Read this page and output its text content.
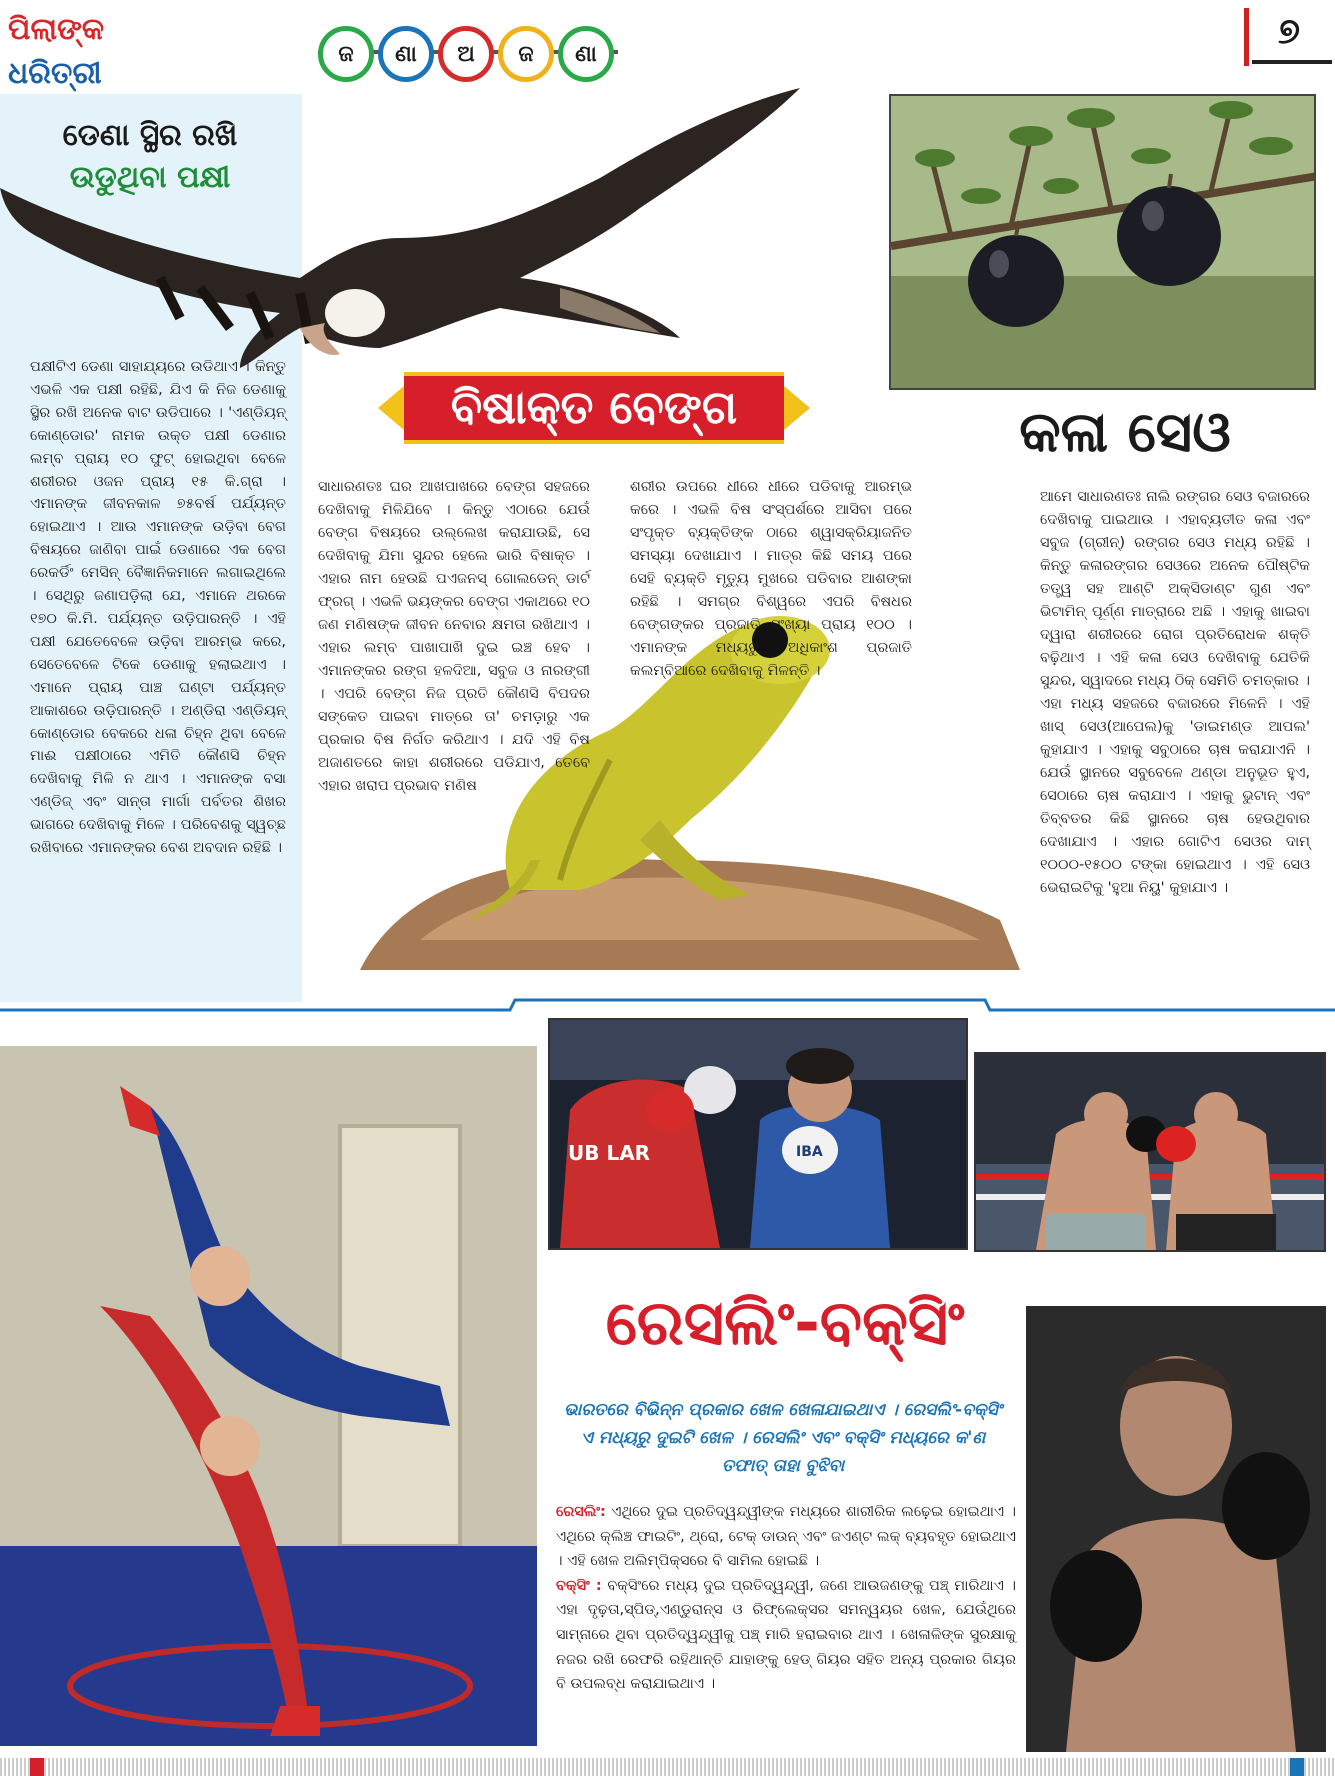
ପିଲାଙ୍କ ଧରିତ୍ରୀ
ଜ	ଣା	ଅ	ଜ	ଣା
୭
ଡେଣା ସ୍ଥିର ରଖି
ଉଡୁଥିବା ପକ୍ଷୀ
ପକ୍ଷୀଟିଏ ଡେଣା ସାହାଯ୍ୟରେ ଉଡିଥାଏ । କିନ୍ତୁ ଏଭଳି ଏକ ପକ୍ଷୀ ରହିଛି, ଯିଏ କି ନିଜ ଡେଣାକୁ ସ୍ଥିର ରଖି ଅନେକ ବାଟ ଉଡିପାରେ । 'ଏଣ୍ଡିୟନ୍ କୋଣ୍ଡୋର' ନାମକ ଉକ୍ତ ପକ୍ଷୀ ଡେଣାର ଲମ୍ବ ପ୍ରାୟ ୧୦ ଫୁଟ୍ ହୋଇଥିବା ବେଳେ ଶରୀରର ଓଜନ ପ୍ରାୟ ୧୫ କି.ଗ୍ରା । ଏମାନଙ୍କ ଜୀବନକାଳ ୭୫ବର୍ଷ ପର୍ଯ୍ୟନ୍ତ ହୋଇଥାଏ । ଆଉ ଏମାନଙ୍କ ଉଡ଼ିବା ବେଗ ବିଷୟରେ ଜାଣିବା ପାଇଁ ଡେଣାରେ ଏକ ବେଗ ରେକର୍ଡିଂ ମେସିନ୍ ବୈଜ୍ଞାନିକମାନେ ଲଗାଇଥିଲେ । ସେଥିରୁ ଜଣାପଡ଼ିଲା ଯେ, ଏମାନେ ଥରକେ ୧୭୦ କି.ମି. ପର୍ଯ୍ୟନ୍ତ ଉଡ଼ିପାରନ୍ତି । ଏହି ପକ୍ଷୀ ଯେତେବେଳେ ଉଡ଼ିବା ଆରମ୍ଭ କରେ, ସେତେବେଳେ ଟିକେ ଡେଣାକୁ ହଲାଇଥାଏ । ଏମାନେ ପ୍ରାୟ ପାଞ୍ଚ ଘଣ୍ଟା ପର୍ଯ୍ୟନ୍ତ ଆକାଶରେ ଉଡ଼ିପାରନ୍ତି । ଅଣ୍ଡିରା ଏଣ୍ଡିୟନ୍ କୋଣ୍ଡୋର ବେକରେ ଧଳା ଚିହ୍ନ ଥିବା ବେଳେ ମାଈ ପକ୍ଷୀଠାରେ ଏମିତି କୌଣସି ଚିହ୍ନ ଦେଖିବାକୁ ମିଳି ନ ଥାଏ । ଏମାନଙ୍କ ବସା ଏଣ୍ଡିଜ୍ ଏବଂ ସାନ୍ତା ମାର୍ଗା ପର୍ବତର ଶିଖର ଭାଗରେ ଦେଖିବାକୁ ମିଳେ । ପରିବେଶକୁ ସ୍ୱଚ୍ଛ ରଖିବାରେ ଏମାନଙ୍କର ବେଶ ଅବଦାନ ରହିଛି ।
ବିଷାକ୍ତ ବେଙ୍ଗ
ସାଧାରଣତଃ ଘର ଆଖପାଖରେ ବେଙ୍ଗ ସହଜରେ ଦେଖିବାକୁ ମିଳିଯିବେ । କିନ୍ତୁ ଏଠାରେ ଯେଉଁ ବେଙ୍ଗ ବିଷୟରେ ଉଲ୍ଲେଖ କରାଯାଉଛି, ସେ ଦେଖିବାକୁ ଯିମା ସୁନ୍ଦର ହେଲେ ଭାରି ବିଷାକ୍ତ । ଏହାର ନାମ ହେଉଛି ପଏଜନସ୍ ଗୋଲଡେନ୍ ଡାର୍ଟ ଫ୍ରଗ୍ । ଏଭଳି ଭୟଙ୍କର ବେଙ୍ଗ ଏକାଥରେ ୧୦ ଜଣ ମଣିଷଙ୍କ ଜୀବନ ନେବାର କ୍ଷମତା ରଖିଥାଏ । ଏହାର ଲମ୍ବ ପାଖାପାଖି ଦୁଇ ଇଞ୍ଚ ହେବ । ଏମାନଙ୍କର ରଙ୍ଗ ହଳଦିଆ, ସବୁଜ ଓ ନାରଙ୍ଗୀ । ଏପରି ବେଙ୍ଗ ନିଜ ପ୍ରତି କୌଣସି ବିପଦର ସଙ୍କେତ ପାଇବା ମାତ୍ରେ ତା' ଚମଡ଼ାରୁ ଏକ ପ୍ରକାର ବିଷ ନିର୍ଗତ କରିଥାଏ । ଯଦି ଏହି ବିଷ ଅଜାଣତରେ କାହା ଶରୀରରେ ପଡିଯାଏ, ତେବେ ଏହାର ଖରାପ ପ୍ରଭାବ ମଣିଷ
ଶରୀର ଉପରେ ଧୀରେ ଧୀରେ ପଡିବାକୁ ଆରମ୍ଭ କରେ । ଏଭଳି ବିଷ ସଂସ୍ପର୍ଶରେ ଆସିବା ପରେ ସଂପୃକ୍ତ ବ୍ୟକ୍ତିଙ୍କ ଠାରେ ଶ୍ୱାସକ୍ରିୟାଜନିତ ସମସ୍ୟା ଦେଖାଯାଏ । ମାତ୍ର କିଛି ସମୟ ପରେ ସେହି ବ୍ୟକ୍ତି ମୃତ୍ୟୁ ମୁଖରେ ପଡିବାର ଆଶଙ୍କା ରହିଛି । ସମଗ୍ର ବିଶ୍ୱରେ ଏପରି ବିଷଧର ବେଙ୍ଗଙ୍କର ପ୍ରଜାତି ସଂଖ୍ୟା ପ୍ରାୟ ୧୦୦ । ଏମାନଙ୍କ ମଧ୍ୟରୁ ଅଧିକାଂଶ ପ୍ରଜାତି କଲମ୍ବିଆରେ ଦେଖିବାକୁ ମିଳନ୍ତି ।
କଳା ସେଓ
ଆମେ ସାଧାରଣତଃ ନାଲି ରଙ୍ଗର ସେଓ ବଜାରରେ ଦେଖିବାକୁ ପାଇଥାଉ । ଏହାବ୍ୟତୀତ କଳା ଏବଂ ସବୁଜ (ଗ୍ରୀନ୍) ରଙ୍ଗର ସେଓ ମଧ୍ୟ ରହିଛି । କିନ୍ତୁ କଳାରଙ୍ଗର ସେଓରେ ଅନେକ ପୌଷ୍ଟିକ ତତ୍ତ୍ୱ ସହ ଆଣ୍ଟି ଅକ୍ସିଡାଣ୍ଟ ଗୁଣ ଏବଂ ଭିଟାମିନ୍ ପୂର୍ଣ୍ଣ ମାତ୍ରାରେ ଅଛି । ଏହାକୁ ଖାଇବା ଦ୍ୱାରା ଶରୀରରେ ରୋଗ ପ୍ରତିରୋଧକ ଶକ୍ତି ବଢ଼ିଥାଏ । ଏହି କଳା ସେଓ ଦେଖିବାକୁ ଯେତିକି ସୁନ୍ଦର, ସ୍ୱାଦରେ ମଧ୍ୟ ଠିକ୍ ସେମିତି ଚମତ୍କାର । ଏହା ମଧ୍ୟ ସହଜରେ ବଜାରରେ ମିଳେନି । ଏହି ଖାସ୍ ସେଓ(ଆପେଲ)କୁ 'ଡାଇମଣ୍ଡ ଆପଲ' କୁହାଯାଏ । ଏହାକୁ ସବୁଠାରେ ଚାଷ କରାଯାଏନି । ଯେଉଁ ସ୍ଥାନରେ ସବୁବେଳେ ଥଣ୍ଡା ଅନୁଭୂତ ହୁଏ, ସେଠାରେ ଚାଷ କରାଯାଏ । ଏହାକୁ ଭୁଟାନ୍ ଏବଂ ତିବ୍ବତର କିଛି ସ୍ଥାନରେ ଚାଷ ହେଉଥିବାର ଦେଖାଯାଏ । ଏହାର ଗୋଟିଏ ସେଓର ଦାମ୍ ୧୦୦୦-୧୫୦୦ ଟଙ୍କା ହୋଇଥାଏ । ଏହି ସେଓ ଭେରାଇଟିକୁ 'ହୁଆ ନିୟୁ' କୁହାଯାଏ ।
UB LAR	IBA
ରେସଲିଂ-ବକ୍ସିଂ
ଭାରତରେ ବିଭିନ୍ନ ପ୍ରକାର ଖେଳ ଖେଳାଯାଇଥାଏ । ରେସଲିଂ-ବକ୍ସିଂ ଏ ମଧ୍ୟରୁ ଦୁଇଟି ଖେଳ । ରେସଲିଂ ଏବଂ ବକ୍ସିଂ ମଧ୍ୟରେ କ'ଣ ତଫାତ୍ ତାହା ବୁଝିବା
ରେସଲିଂ: ଏଥିରେ ଦୁଇ ପ୍ରତିଦ୍ୱନ୍ଦ୍ୱୀଙ୍କ ମଧ୍ୟରେ ଶାରୀରିକ ଲଢ଼େଇ ହୋଇଥାଏ । ଏଥିରେ କ୍ଲିଞ୍ଚ ଫାଇଟିଂ, ଥ୍ରୋ, ଟେକ୍ ଡାଉନ୍ ଏବଂ ଜଏଣ୍ଟ ଲକ୍ ବ୍ୟବହୃତ ହୋଇଥାଏ । ଏହି ଖେଳ ଅଲିମ୍ପିକ୍ସରେ ବି ସାମିଲ ହୋଇଛି ।
ବକ୍ସିଂ : ବକ୍ସିଂରେ ମଧ୍ୟ ଦୁଇ ପ୍ରତିଦ୍ୱନ୍ଦ୍ୱୀ, ଜଣେ ଆଉଜଣଙ୍କୁ ପଞ୍ଚ୍ ମାରିଥାଏ । ଏହା ଦୃଢ଼ତା,ସ୍ପିଡ୍,ଏଣ୍ଡୁରାନ୍ସ ଓ ରିଫ୍ଲେକ୍ସର ସମନ୍ୱୟର ଖେଳ, ଯେଉଁଥିରେ ସାମ୍ନାରେ ଥିବା ପ୍ରତିଦ୍ୱନ୍ଦ୍ୱୀକୁ ପଞ୍ଚ୍ ମାରି ହରାଇବାର ଥାଏ । ଖେଳାଳିଙ୍କ ସୁରକ୍ଷାକୁ ନଜର ରଖି ରେଫରି ରହିଥାନ୍ତି ଯାହାଙ୍କୁ ହେଡ୍ ଗିୟର ସହିତ ଅନ୍ୟ ପ୍ରକାର ଗିୟର ବି ଉପଲବ୍ଧ କରାଯାଇଥାଏ ।
